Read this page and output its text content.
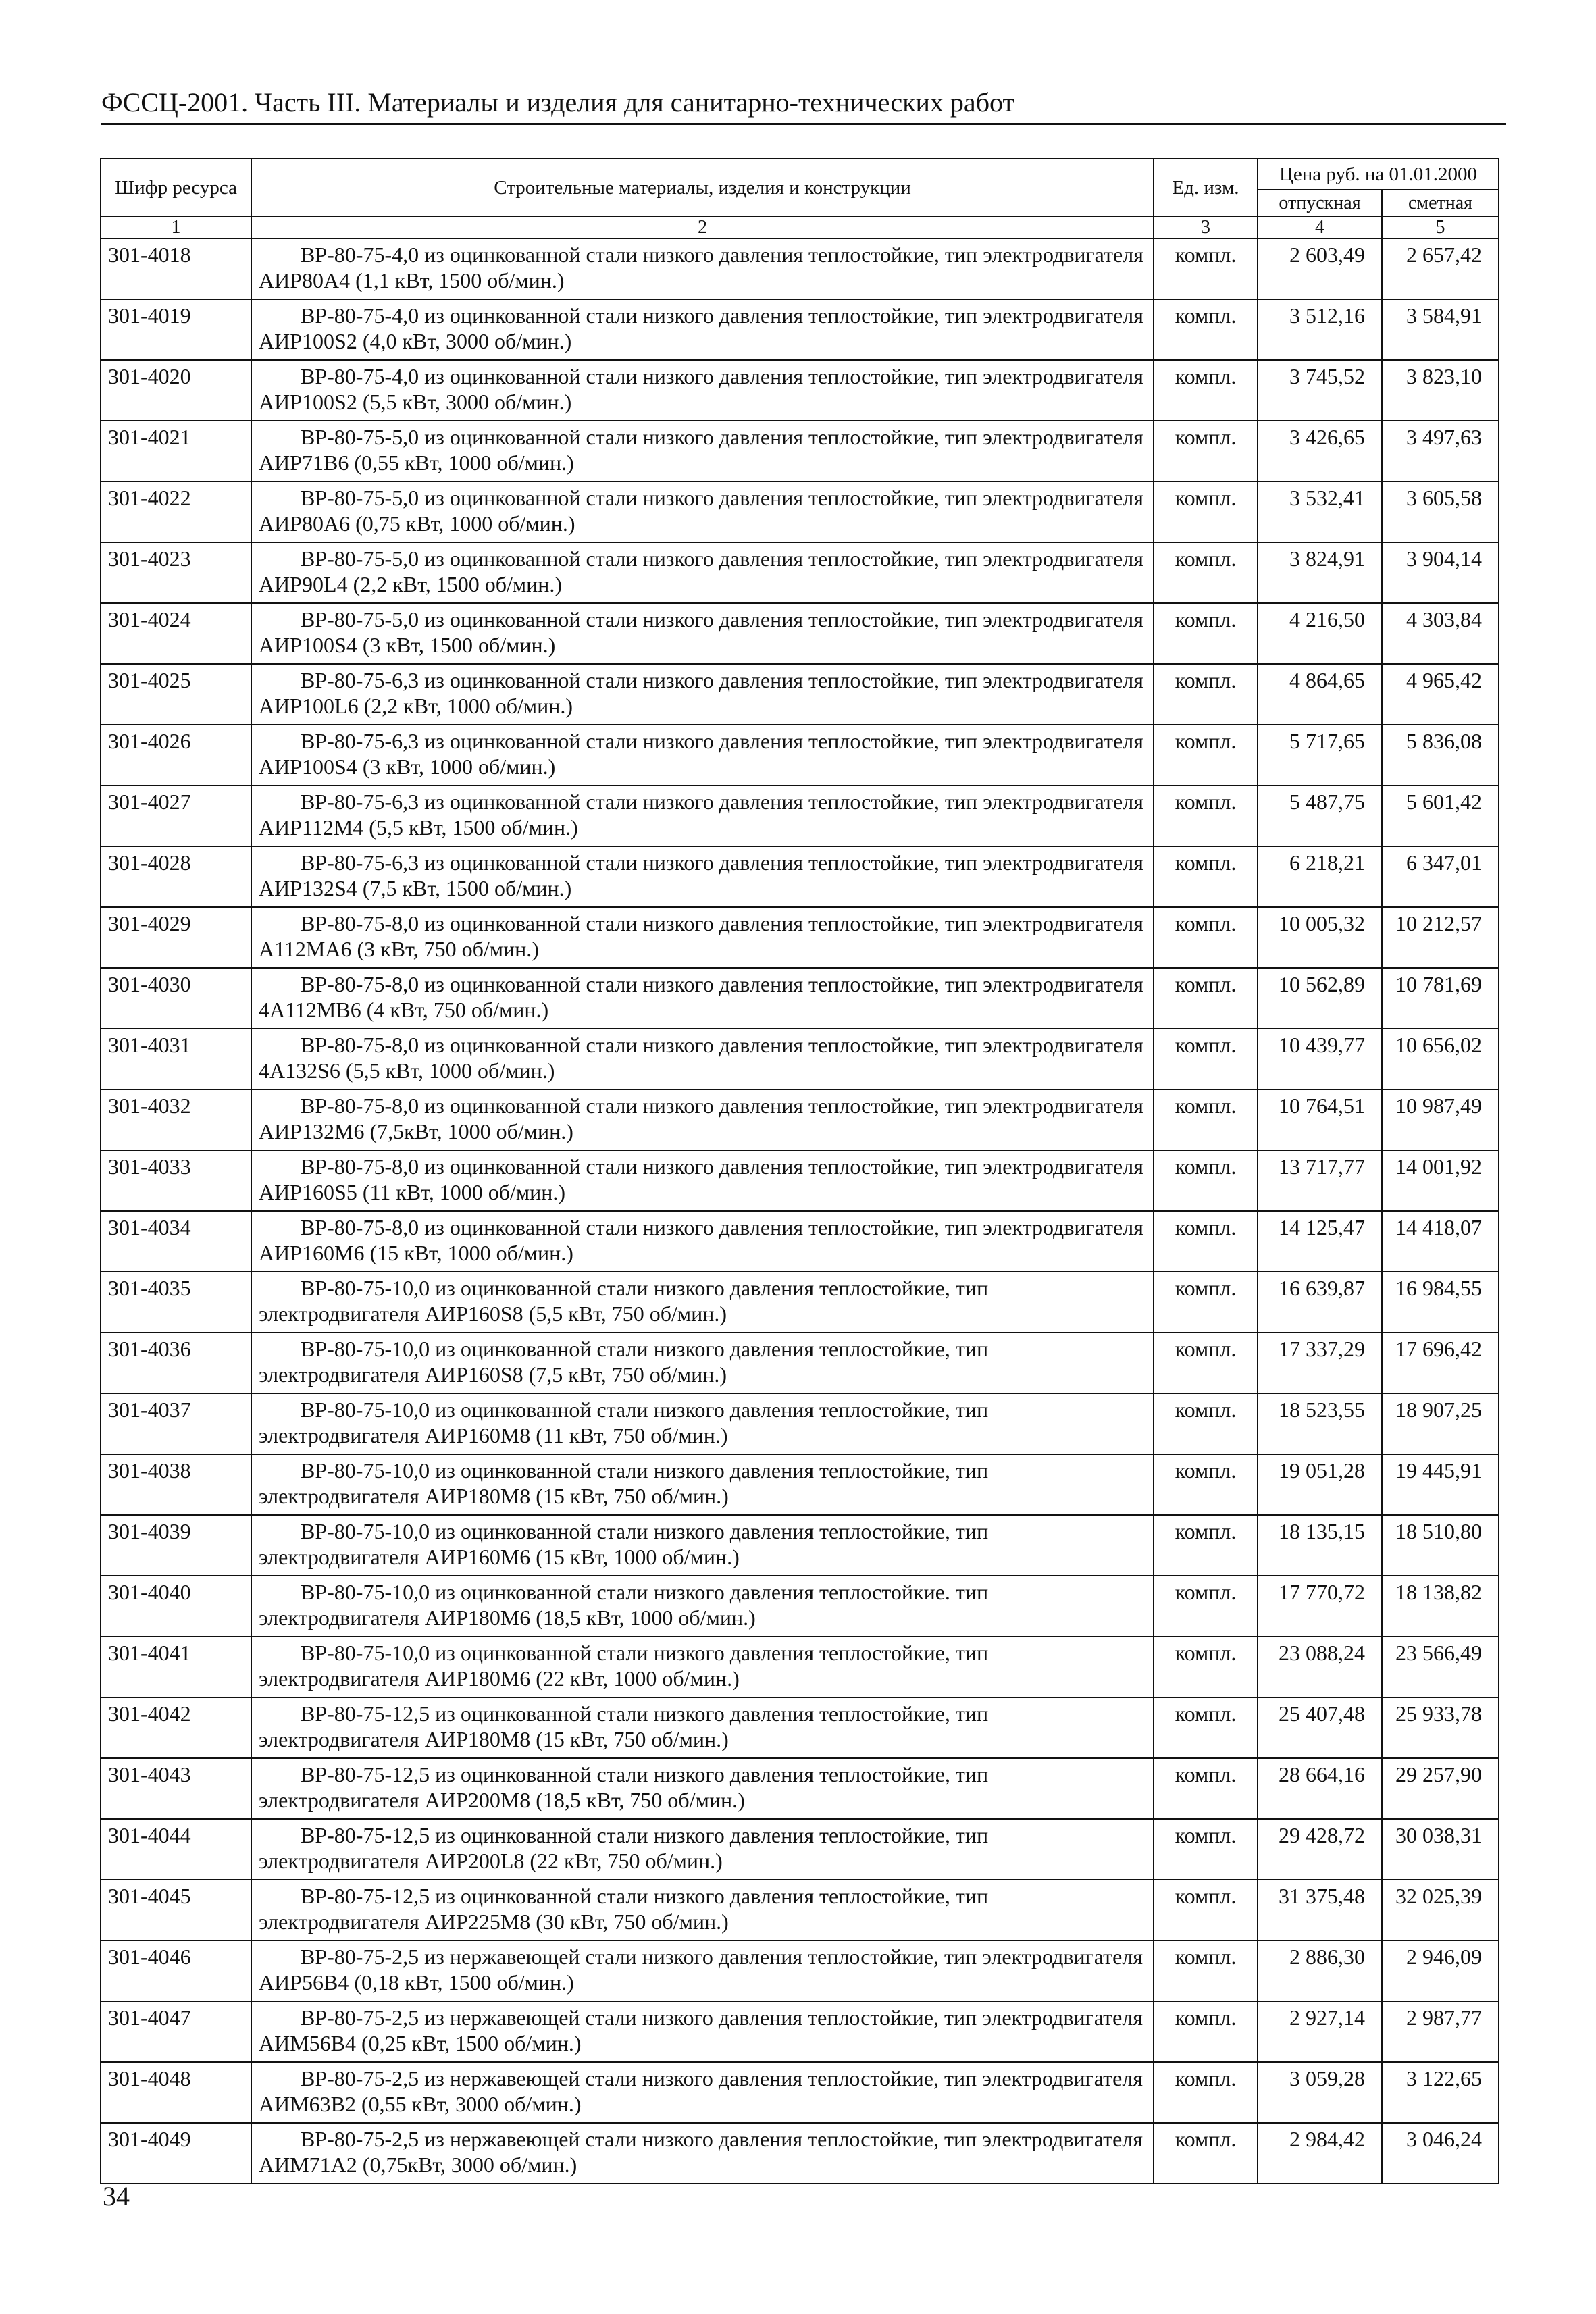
ФССЦ-2001. Часть III. Материалы и изделия для санитарно-технических работ
Шифр ресурса	Строительные материалы, изделия и конструкции	Ед. изм.	Цена руб. на 01.01.2000	
			отпускная	сметная
1	2	3	4	5
301-4018	ВР-80-75-4,0 из оцинкованной стали низкого давления теплостойкие, тип электродвигателя АИР80А4 (1,1 кВт, 1500 об/мин.)	компл.	2 603,49	2 657,42
301-4019	ВР-80-75-4,0 из оцинкованной стали низкого давления теплостойкие, тип электродвигателя АИР100S2 (4,0 кВт, 3000 об/мин.)	компл.	3 512,16	3 584,91
301-4020	ВР-80-75-4,0 из оцинкованной стали низкого давления теплостойкие, тип электродвигателя АИР100S2 (5,5 кВт, 3000 об/мин.)	компл.	3 745,52	3 823,10
301-4021	ВР-80-75-5,0 из оцинкованной стали низкого давления теплостойкие, тип электродвигателя АИР71В6 (0,55 кВт, 1000 об/мин.)	компл.	3 426,65	3 497,63
301-4022	ВР-80-75-5,0 из оцинкованной стали низкого давления теплостойкие, тип электродвигателя АИР80А6 (0,75 кВт, 1000 об/мин.)	компл.	3 532,41	3 605,58
301-4023	ВР-80-75-5,0 из оцинкованной стали низкого давления теплостойкие, тип электродвигателя АИР90L4 (2,2 кВт, 1500 об/мин.)	компл.	3 824,91	3 904,14
301-4024	ВР-80-75-5,0 из оцинкованной стали низкого давления теплостойкие, тип электродвигателя АИР100S4 (3 кВт, 1500 об/мин.)	компл.	4 216,50	4 303,84
301-4025	ВР-80-75-6,3 из оцинкованной стали низкого давления теплостойкие, тип электродвигателя АИР100L6 (2,2 кВт, 1000 об/мин.)	компл.	4 864,65	4 965,42
301-4026	ВР-80-75-6,3 из оцинкованной стали низкого давления теплостойкие, тип электродвигателя АИР100S4 (3 кВт, 1000 об/мин.)	компл.	5 717,65	5 836,08
301-4027	ВР-80-75-6,3 из оцинкованной стали низкого давления теплостойкие, тип электродвигателя АИР112М4 (5,5 кВт, 1500 об/мин.)	компл.	5 487,75	5 601,42
301-4028	ВР-80-75-6,3 из оцинкованной стали низкого давления теплостойкие, тип электродвигателя АИР132S4 (7,5 кВт, 1500 об/мин.)	компл.	6 218,21	6 347,01
301-4029	ВР-80-75-8,0 из оцинкованной стали низкого давления теплостойкие, тип электродвигателя А112МА6 (3 кВт, 750 об/мин.)	компл.	10 005,32	10 212,57
301-4030	ВР-80-75-8,0 из оцинкованной стали низкого давления теплостойкие, тип электродвигателя 4А112МВ6 (4 кВт, 750 об/мин.)	компл.	10 562,89	10 781,69
301-4031	ВР-80-75-8,0 из оцинкованной стали низкого давления теплостойкие, тип электродвигателя 4А132S6 (5,5 кВт, 1000 об/мин.)	компл.	10 439,77	10 656,02
301-4032	ВР-80-75-8,0 из оцинкованной стали низкого давления теплостойкие, тип электродвигателя АИР132М6 (7,5кВт, 1000 об/мин.)	компл.	10 764,51	10 987,49
301-4033	ВР-80-75-8,0 из оцинкованной стали низкого давления теплостойкие, тип электродвигателя АИР160S5 (11 кВт, 1000 об/мин.)	компл.	13 717,77	14 001,92
301-4034	ВР-80-75-8,0 из оцинкованной стали низкого давления теплостойкие, тип электродвигателя АИР160М6 (15 кВт, 1000 об/мин.)	компл.	14 125,47	14 418,07
301-4035	ВР-80-75-10,0 из оцинкованной стали низкого давления теплостойкие, тип электродвигателя АИР160S8 (5,5 кВт, 750 об/мин.)	компл.	16 639,87	16 984,55
301-4036	ВР-80-75-10,0 из оцинкованной стали низкого давления теплостойкие, тип электродвигателя АИР160S8 (7,5 кВт, 750 об/мин.)	компл.	17 337,29	17 696,42
301-4037	ВР-80-75-10,0 из оцинкованной стали низкого давления теплостойкие, тип электродвигателя АИР160М8 (11 кВт, 750 об/мин.)	компл.	18 523,55	18 907,25
301-4038	ВР-80-75-10,0 из оцинкованной стали низкого давления теплостойкие, тип электродвигателя АИР180М8 (15 кВт, 750 об/мин.)	компл.	19 051,28	19 445,91
301-4039	ВР-80-75-10,0 из оцинкованной стали низкого давления теплостойкие, тип электродвигателя АИР160М6 (15 кВт, 1000 об/мин.)	компл.	18 135,15	18 510,80
301-4040	ВР-80-75-10,0 из оцинкованной стали низкого давления теплостойкие. тип электродвигателя АИР180М6 (18,5 кВт, 1000 об/мин.)	компл.	17 770,72	18 138,82
301-4041	ВР-80-75-10,0 из оцинкованной стали низкого давления теплостойкие, тип электродвигателя АИР180М6 (22 кВт, 1000 об/мин.)	компл.	23 088,24	23 566,49
301-4042	ВР-80-75-12,5 из оцинкованной стали низкого давления теплостойкие, тип электродвигателя АИР180М8 (15 кВт, 750 об/мин.)	компл.	25 407,48	25 933,78
301-4043	ВР-80-75-12,5 из оцинкованной стали низкого давления теплостойкие, тип электродвигателя АИР200М8 (18,5 кВт, 750 об/мин.)	компл.	28 664,16	29 257,90
301-4044	ВР-80-75-12,5 из оцинкованной стали низкого давления теплостойкие, тип электродвигателя АИР200L8 (22 кВт, 750 об/мин.)	компл.	29 428,72	30 038,31
301-4045	ВР-80-75-12,5 из оцинкованной стали низкого давления теплостойкие, тип электродвигателя АИР225М8 (30 кВт, 750 об/мин.)	компл.	31 375,48	32 025,39
301-4046	ВР-80-75-2,5 из нержавеющей стали низкого давления теплостойкие, тип электродвигателя АИР56В4 (0,18 кВт, 1500 об/мин.)	компл.	2 886,30	2 946,09
301-4047	ВР-80-75-2,5 из нержавеющей стали низкого давления теплостойкие, тип электродвигателя АИМ56В4 (0,25 кВт, 1500 об/мин.)	компл.	2 927,14	2 987,77
301-4048	ВР-80-75-2,5 из нержавеющей стали низкого давления теплостойкие, тип электродвигателя АИМ63В2 (0,55 кВт, 3000 об/мин.)	компл.	3 059,28	3 122,65
301-4049	ВР-80-75-2,5 из нержавеющей стали низкого давления теплостойкие, тип электродвигателя АИМ71А2 (0,75кВт, 3000 об/мин.)	компл.	2 984,42	3 046,24
34
